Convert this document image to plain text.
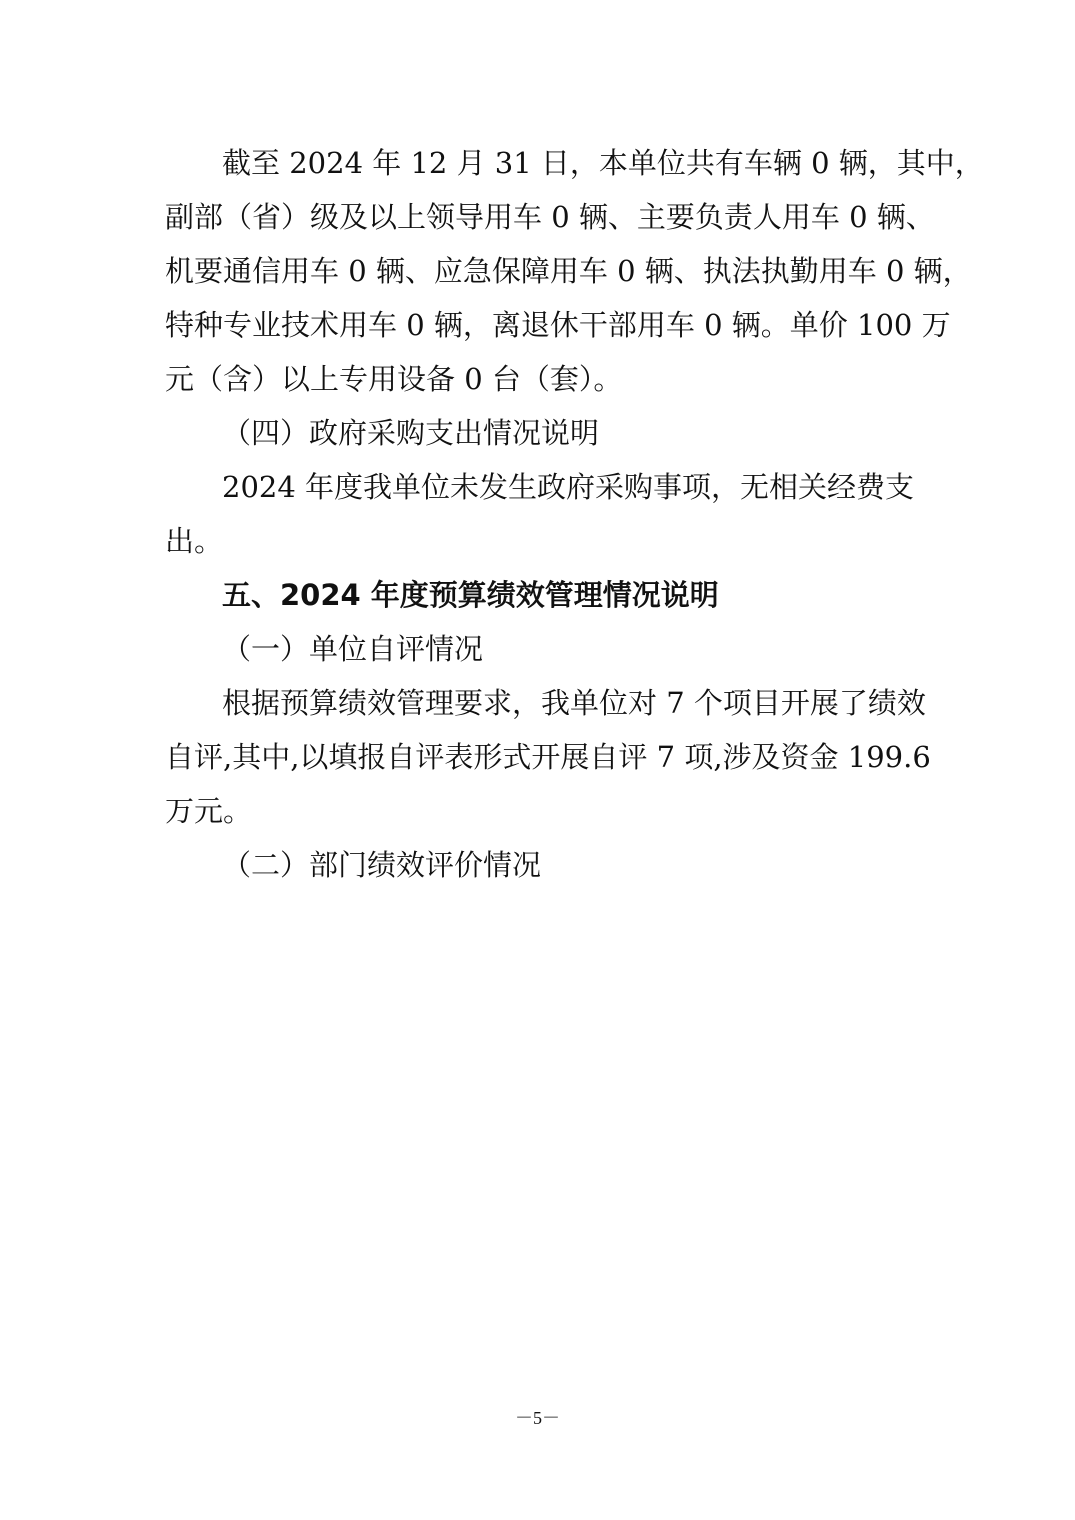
截至 2024 年 12 月 31 日，本单位共有车辆 0 辆，其中，

副部（省）级及以上领导用车 0 辆、主要负责人用车 0 辆、

机要通信用车 0 辆、应急保障用车 0 辆、执法执勤用车 0 辆，

特种专业技术用车 0 辆，离退休干部用车 0 辆。单价 100 万

元（含）以上专用设备 0 台（套）。

（四）政府采购支出情况说明

2024 年度我单位未发生政府采购事项，无相关经费支

出。

五、2024 年度预算绩效管理情况说明

（一）单位自评情况

根据预算绩效管理要求，我单位对 7 个项目开展了绩效

自评,其中,以填报自评表形式开展自评 7 项,涉及资金 199.6

万元。

（二）部门绩效评价情况

－5－
